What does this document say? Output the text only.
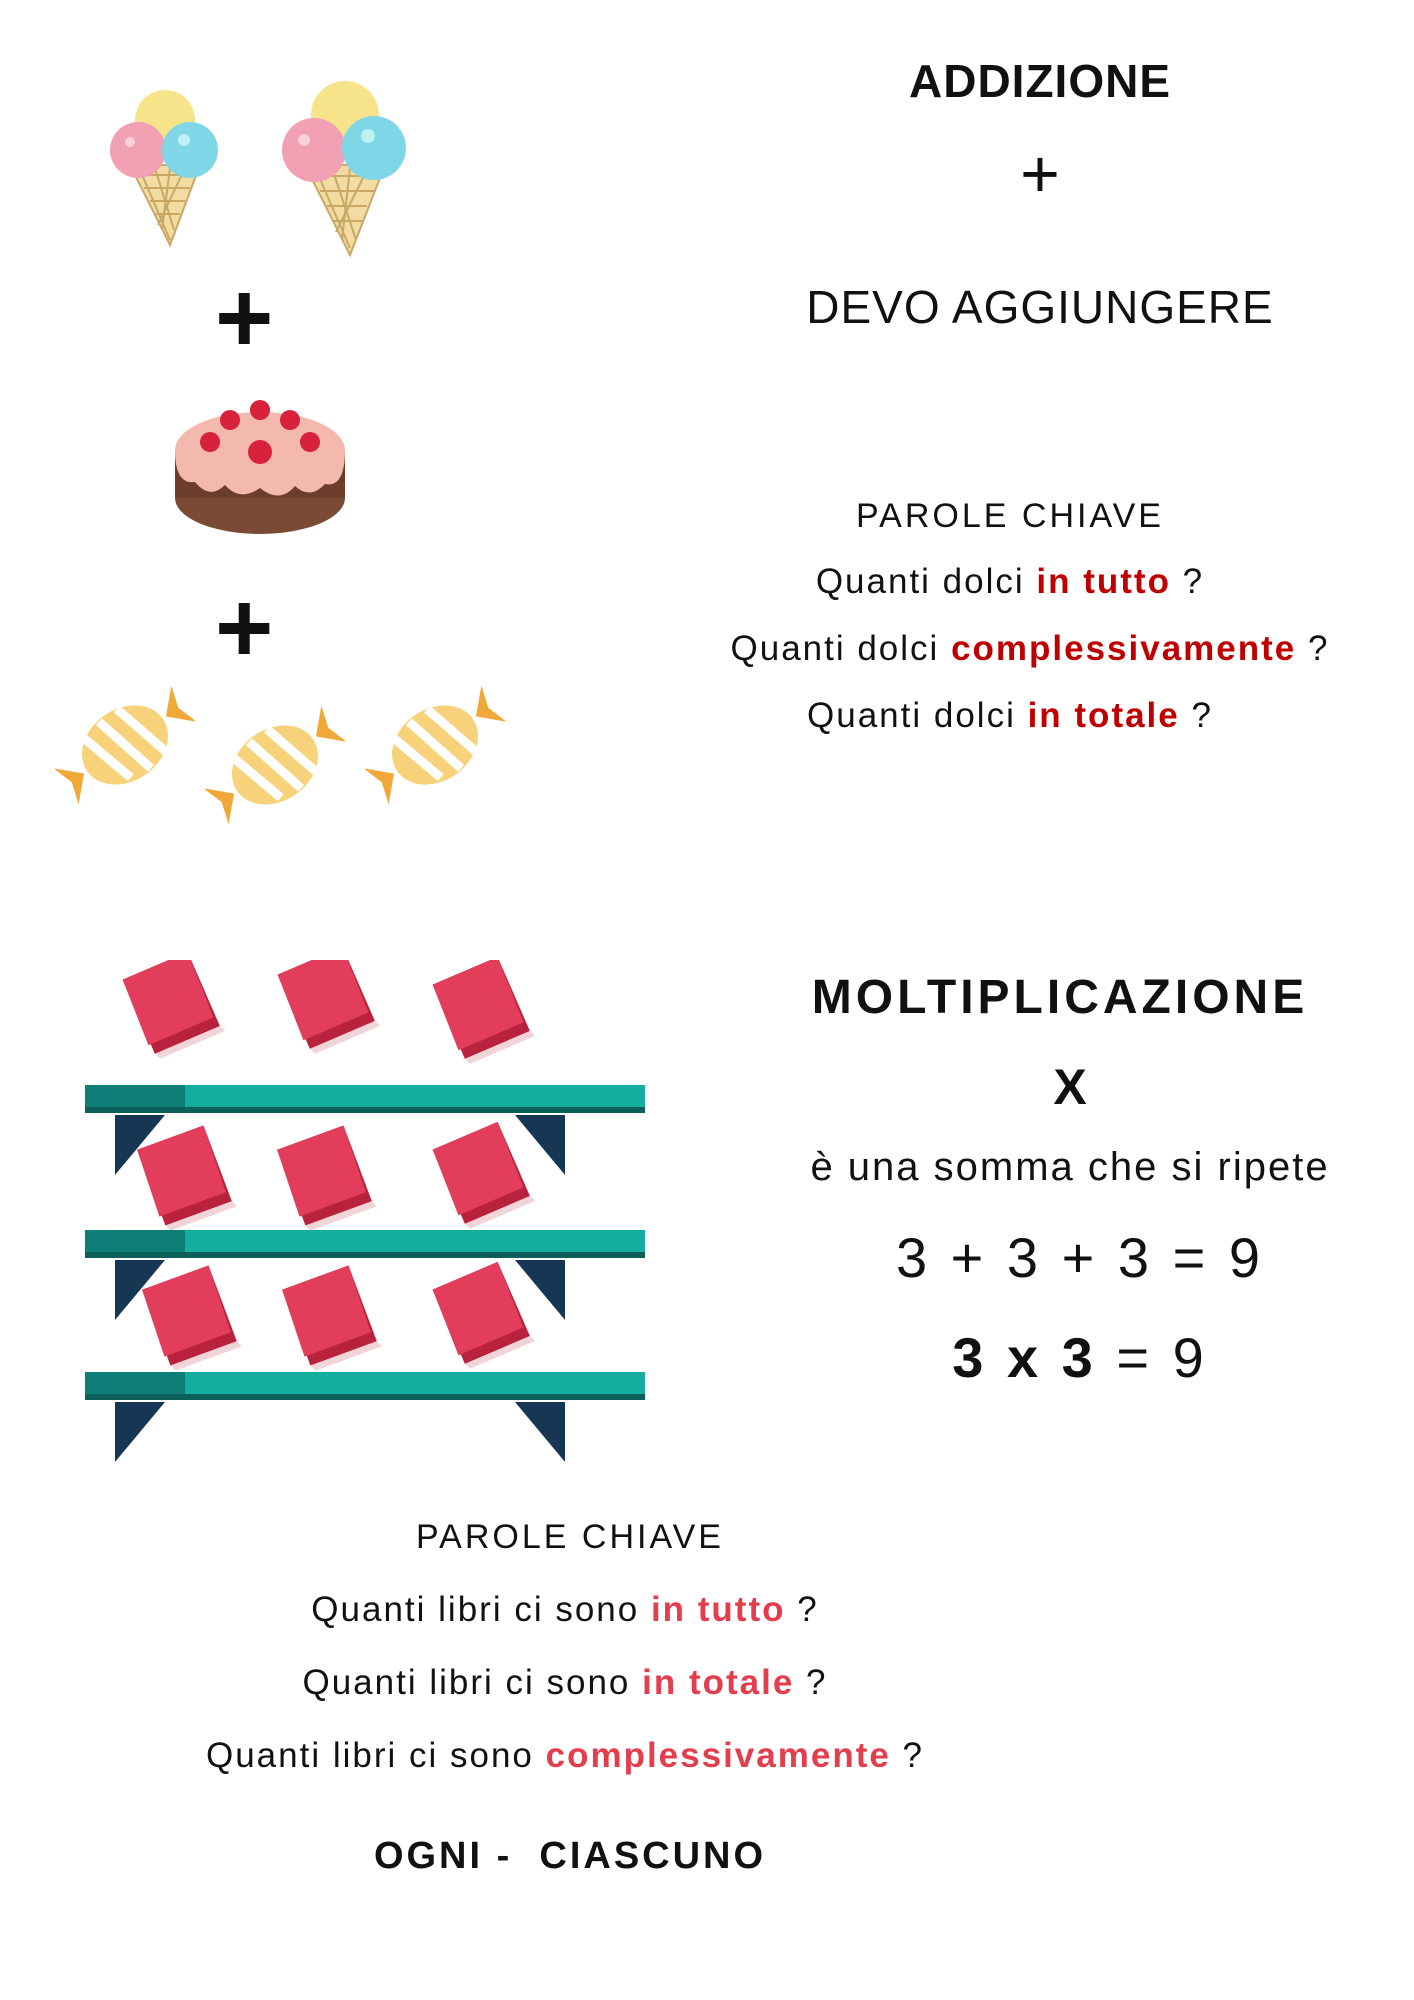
+
+
ADDIZIONE
+
DEVO AGGIUNGERE
PAROLE CHIAVE
Quanti dolci in tutto ?
Quanti dolci complessivamente ?
Quanti dolci in totale ?
MOLTIPLICAZIONE
X
è una somma che si ripete
3 + 3 + 3 = 9
3 x 3 = 9
PAROLE CHIAVE
Quanti libri ci sono in tutto ?
Quanti libri ci sono in totale ?
Quanti libri ci sono complessivamente ?
OGNI -  CIASCUNO
